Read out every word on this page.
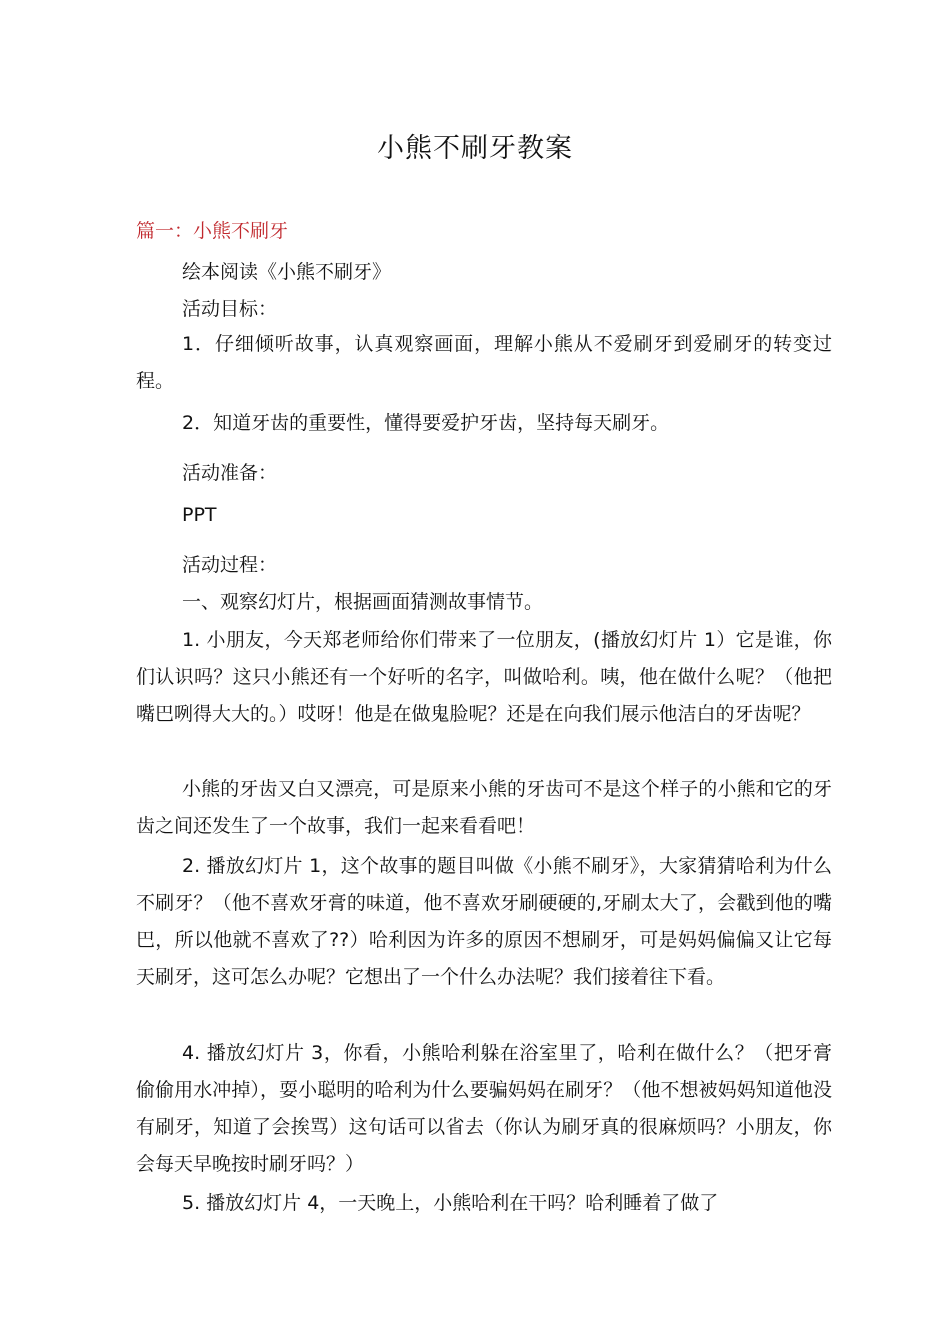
小熊不刷牙教案
篇一：小熊不刷牙

绘本阅读《小熊不刷牙》

活动目标：

1．仔细倾听故事，认真观察画面，理解小熊从不爱刷牙到爱刷牙的转变过程。

2．知道牙齿的重要性，懂得要爱护牙齿，坚持每天刷牙。

活动准备：

PPT

活动过程：

一、观察幻灯片，根据画面猜测故事情节。

1. 小朋友，今天郑老师给你们带来了一位朋友，(播放幻灯片 1）它是谁，你们认识吗？这只小熊还有一个好听的名字，叫做哈利。咦，他在做什么呢？（他把嘴巴咧得大大的。）哎呀！他是在做鬼脸呢？还是在向我们展示他洁白的牙齿呢？

小熊的牙齿又白又漂亮，可是原来小熊的牙齿可不是这个样子的小熊和它的牙齿之间还发生了一个故事，我们一起来看看吧！

2. 播放幻灯片 1，这个故事的题目叫做《小熊不刷牙》，大家猜猜哈利为什么不刷牙？（他不喜欢牙膏的味道，他不喜欢牙刷硬硬的,牙刷太大了，会戳到他的嘴巴，所以他就不喜欢了??）哈利因为许多的原因不想刷牙，可是妈妈偏偏又让它每天刷牙，这可怎么办呢？它想出了一个什么办法呢？我们接着往下看。

4. 播放幻灯片 3，你看，小熊哈利躲在浴室里了，哈利在做什么？（把牙膏偷偷用水冲掉），耍小聪明的哈利为什么要骗妈妈在刷牙？（他不想被妈妈知道他没有刷牙，知道了会挨骂）这句话可以省去（你认为刷牙真的很麻烦吗？小朋友，你会每天早晚按时刷牙吗？）

5. 播放幻灯片 4，一天晚上，小熊哈利在干吗？哈利睡着了做了
